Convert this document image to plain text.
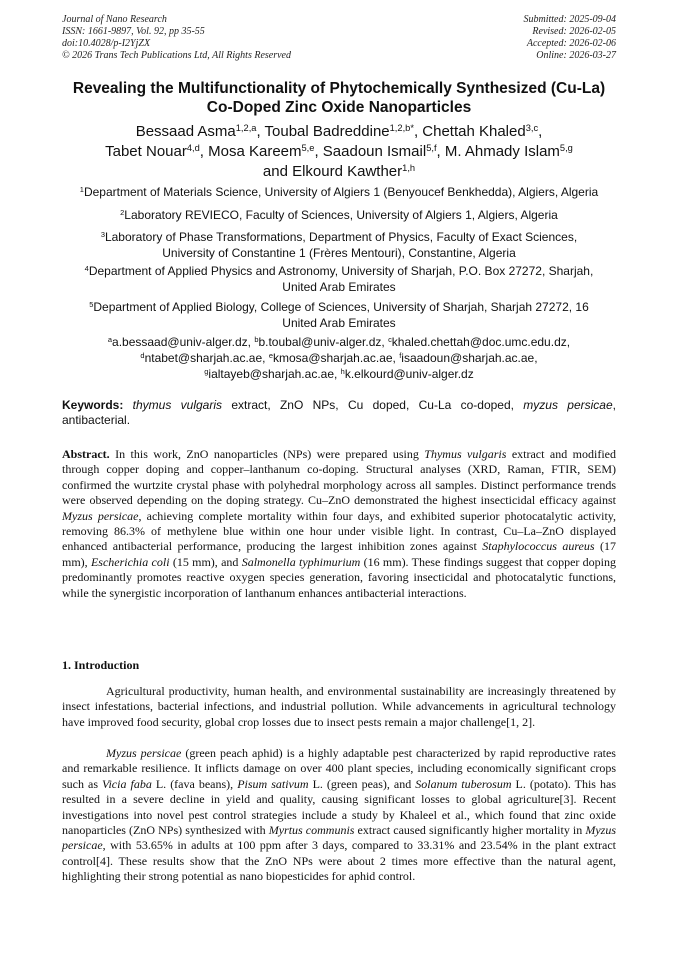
Journal of Nano Research
ISSN: 1661-9897, Vol. 92, pp 35-55
doi:10.4028/p-I2YjZX
© 2026 Trans Tech Publications Ltd, All Rights Reserved
Submitted: 2025-09-04
Revised: 2026-02-05
Accepted: 2026-02-06
Online: 2026-03-27
Revealing the Multifunctionality of Phytochemically Synthesized (Cu-La)
Co-Doped Zinc Oxide Nanoparticles
Bessaad Asma$^{1,2,a}$, Toubal Badreddine$^{1,2,b*}$, Chettah Khaled$^{3,c}$,
Tabet Nouar$^{4,d}$, Mosa Kareem$^{5,e}$, Saadoun Ismail$^{5,f}$, M. Ahmady Islam$^{5,g}$
and Elkourd Kawther$^{1,h}$
$^1$Department of Materials Science, University of Algiers 1 (Benyoucef Benkhedda), Algiers, Algeria
$^2$Laboratory REVIECO, Faculty of Sciences, University of Algiers 1, Algiers, Algeria
$^3$Laboratory of Phase Transformations, Department of Physics, Faculty of Exact Sciences,
University of Constantine 1 (Frères Mentouri), Constantine, Algeria
$^4$Department of Applied Physics and Astronomy, University of Sharjah, P.O. Box 27272, Sharjah,
United Arab Emirates
$^5$Department of Applied Biology, College of Sciences, University of Sharjah, Sharjah 27272, 16
United Arab Emirates
$^a$a.bessaad@univ-alger.dz, $^b$b.toubal@univ-alger.dz, $^c$khaled.chettah@doc.umc.edu.dz,
$^d$ntabet@sharjah.ac.ae, $^e$kmosa@sharjah.ac.ae, $^f$isaadoun@sharjah.ac.ae,
$^g$ialtayeb@sharjah.ac.ae, $^h$k.elkourd@univ-alger.dz
Keywords: thymus vulgaris extract, ZnO NPs, Cu doped, Cu-La co-doped, myzus persicae, antibacterial.
Abstract. In this work, ZnO nanoparticles (NPs) were prepared using Thymus vulgaris extract and modified through copper doping and copper–lanthanum co-doping. Structural analyses (XRD, Raman, FTIR, SEM) confirmed the wurtzite crystal phase with polyhedral morphology across all samples. Distinct performance trends were observed depending on the doping strategy. Cu–ZnO demonstrated the highest insecticidal efficacy against Myzus persicae, achieving complete mortality within four days, and exhibited superior photocatalytic activity, removing 86.3% of methylene blue within one hour under visible light. In contrast, Cu–La–ZnO displayed enhanced antibacterial performance, producing the largest inhibition zones against Staphylococcus aureus (17 mm), Escherichia coli (15 mm), and Salmonella typhimurium (16 mm). These findings suggest that copper doping predominantly promotes reactive oxygen species generation, favoring insecticidal and photocatalytic functions, while the synergistic incorporation of lanthanum enhances antibacterial interactions.
1. Introduction
Agricultural productivity, human health, and environmental sustainability are increasingly threatened by insect infestations, bacterial infections, and industrial pollution. While advancements in agricultural technology have improved food security, global crop losses due to insect pests remain a major challenge[1, 2].
Myzus persicae (green peach aphid) is a highly adaptable pest characterized by rapid reproductive rates and remarkable resilience. It inflicts damage on over 400 plant species, including economically significant crops such as Vicia faba L. (fava beans), Pisum sativum L. (green peas), and Solanum tuberosum L. (potato). This has resulted in a severe decline in yield and quality, causing significant losses to global agriculture[3]. Recent investigations into novel pest control strategies include a study by Khaleel et al., which found that zinc oxide nanoparticles (ZnO NPs) synthesized with Myrtus communis extract caused significantly higher mortality in Myzus persicae, with 53.65% in adults at 100 ppm after 3 days, compared to 33.31% and 23.54% in the plant extract control[4]. These results show that the ZnO NPs were about 2 times more effective than the natural agent, highlighting their strong potential as nano biopesticides for aphid control.
